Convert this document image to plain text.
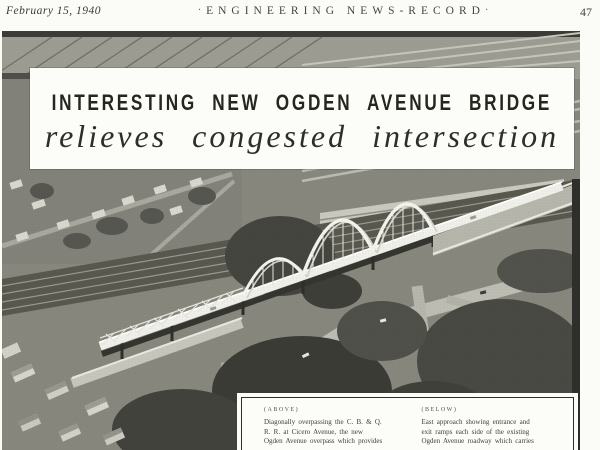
February 15, 1940	·ENGINEERING NEWS-RECORD·	47
INTERESTING NEW OGDEN AVENUE BRIDGE
relieves congested intersection
(ABOVE)
Diagonally overpassing the C. B. & Q.
R. R. at Cicero Avenue, the new
Ogden Avenue overpass which provides
(BELOW)
East approach showing entrance and
exit ramps each side of the existing
Ogden Avenue roadway which carries
